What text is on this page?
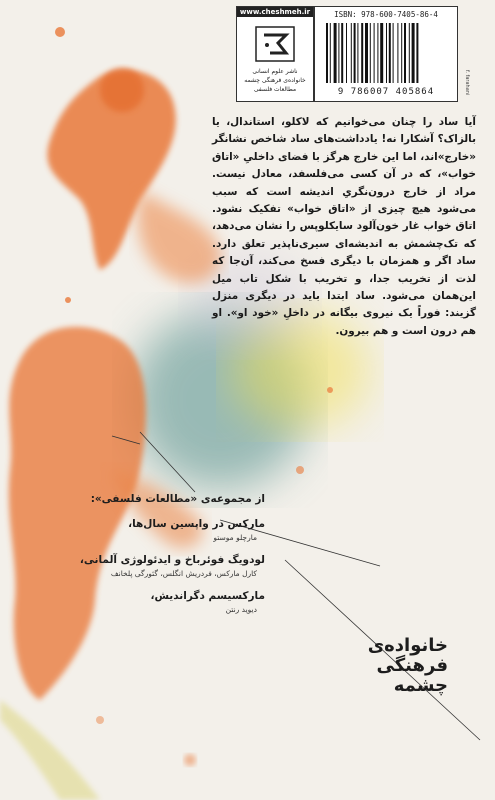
www.cheshmeh.ir
ناشر علوم انسانی
خانواده‌ی فرهنگی چشمه
مطالعات فلسفی
ISBN: 978-600-7405-86-4
9 786007 405864	f. farahani
آیا ساد را چنان می‌خوانیم که لاکلو، استاندال، یا بالزاک؟ آشکارا نه! یادداشت‌های ساد شاخص نشانگر «خارج»اند، اما این خارج هرگز با فضای داخلیِ «اتاق خواب»، که در آن کسی می‌فلسفد، معادل نیست. مراد از خارج درون‌نگریِ اندیشه است که سبب می‌شود هیچ چیزی از «اتاق خواب» تفکیک نشود. اتاق خواب غار خون‌آلود سایکلوپس را نشان می‌دهد، که تک‌چشمش به اندیشه‌ای سیری‌ناپذیر تعلق دارد. ساد اگر و همزمان با دیگری فسخ می‌کند، آن‌جا که لذت از تخریب جدا، و تخریب با شکل تاب میل این‌همان می‌شود. ساد ابتدا باید در دیگری منزل گزیند: فوراً یک نیروی بیگانه در داخلِ «خود او». او هم درون است و هم بیرون.
از مجموعه‌ی «مطالعات فلسفی»:
مارکس در واپسین سال‌ها،
مارچلو موستو
لودویگ فوئرباخ و ایدئولوژی آلمانی،
کارل مارکس، فردریش انگلس، گئورگی پلخانف
مارکسیسم دگراندیش،
دیوید رنتن
خانواده‌ی
فرهنگی
چشمه
